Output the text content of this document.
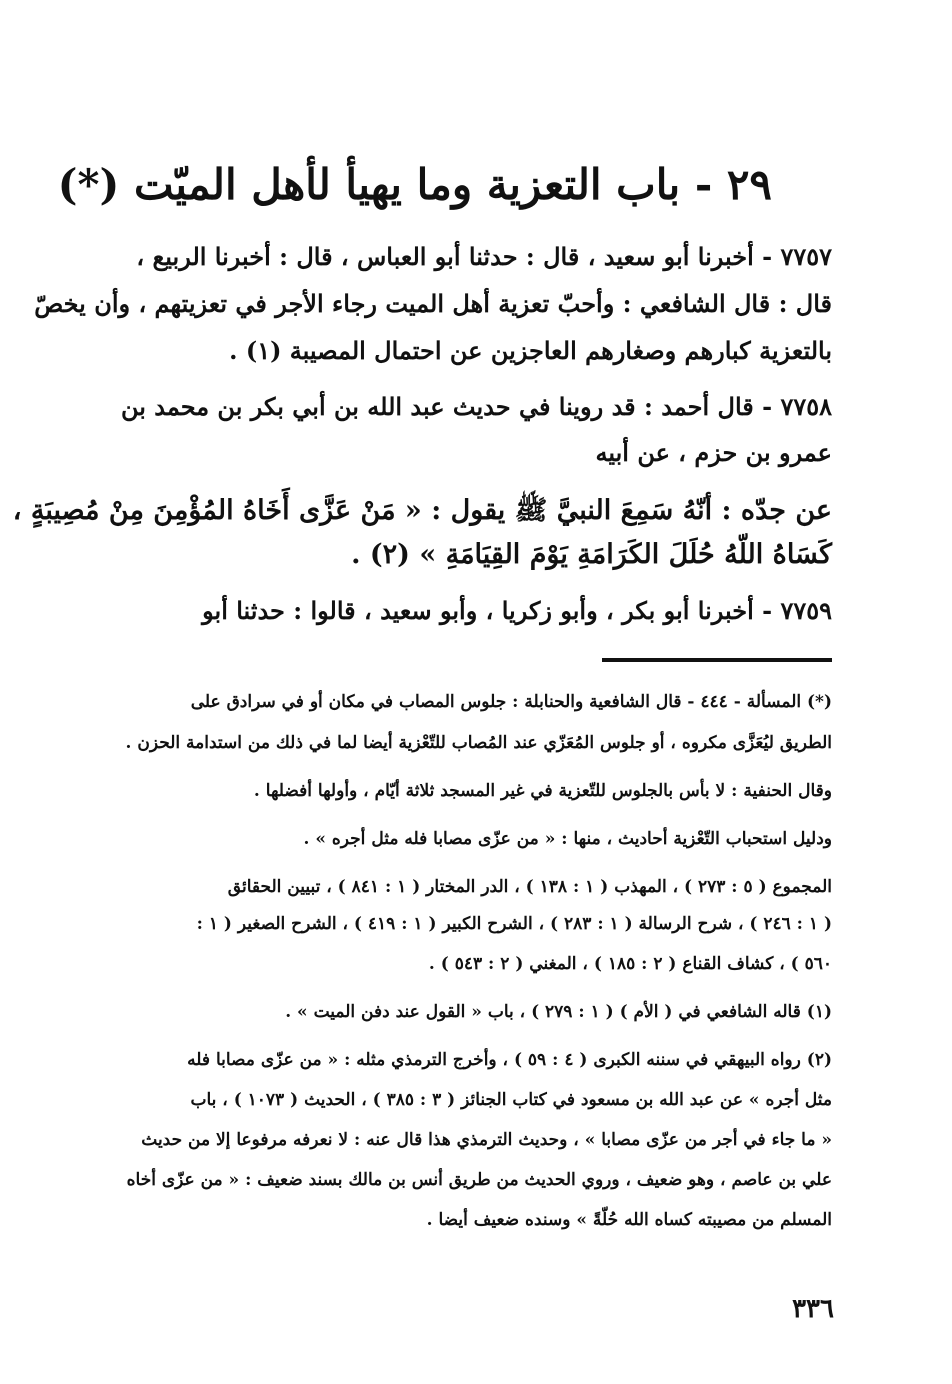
٢٩ - باب التعزية وما يهيأ لأهل الميّت (*)
٧٧٥٧ - أخبرنا أبو سعيد ، قال : حدثنا أبو العباس ، قال : أخبرنا الربيع ،
قال : قال الشافعي : وأحبّ تعزية أهل الميت رجاء الأجر في تعزيتهم ، وأن يخصّ
بالتعزية كبارهم وصغارهم العاجزين عن احتمال المصيبة (١) .
٧٧٥٨ - قال أحمد : قد روينا في حديث عبد الله بن أبي بكر بن محمد بن
عمرو بن حزم ، عن أبيه
عن جدّه : أنّهُ سَمِعَ النبيَّ ﷺ يقول : « مَنْ عَزَّى أَخَاهُ المُؤْمِنَ مِنْ مُصِيبَةٍ ،
كَسَاهُ اللّهُ حُلَلَ الكَرَامَةِ يَوْمَ القِيَامَةِ » (٢) .
٧٧٥٩ - أخبرنا أبو بكر ، وأبو زكريا ، وأبو سعيد ، قالوا : حدثنا أبو
(*) المسألة - ٤٤٤ - قال الشافعية والحنابلة : جلوس المصاب في مكان أو في سرادق على
الطريق ليُعَزَّى مكروه ، أو جلوس المُعَزّي عند المُصاب للتّعْزية أيضا لما في ذلك من استدامة الحزن .
وقال الحنفية : لا بأس بالجلوس للتّعزية في غير المسجد ثلاثة أيّام ، وأولها أفضلها .
ودليل استحباب التّعْزية أحاديث ، منها : « من عزّى مصابا فله مثل أجره » .
المجموع ( ٥ : ٢٧٣ ) ، المهذب ( ١ : ١٣٨ ) ، الدر المختار ( ١ : ٨٤١ ) ، تبيين الحقائق
( ١ : ٢٤٦ ) ، شرح الرسالة ( ١ : ٢٨٣ ) ، الشرح الكبير ( ١ : ٤١٩ ) ، الشرح الصغير ( ١ :
٥٦٠ ) ، كشاف القناع ( ٢ : ١٨٥ ) ، المغني ( ٢ : ٥٤٣ ) .
(١) قاله الشافعي في ( الأم ) ( ١ : ٢٧٩ ) ، باب « القول عند دفن الميت » .
(٢) رواه البيهقي في سننه الكبرى ( ٤ : ٥٩ ) ، وأخرج الترمذي مثله : « من عزّى مصابا فله
مثل أجره » عن عبد الله بن مسعود في كتاب الجنائز ( ٣ : ٣٨٥ ) ، الحديث ( ١٠٧٣ ) ، باب
« ما جاء في أجر من عزّى مصابا » ، وحديث الترمذي هذا قال عنه : لا نعرفه مرفوعا إلا من حديث
علي بن عاصم ، وهو ضعيف ، وروي الحديث من طريق أنس بن مالك بسند ضعيف : « من عزّى أخاه
المسلم من مصيبته كساه الله حُلّةً » وسنده ضعيف أيضا .
٣٣٦
